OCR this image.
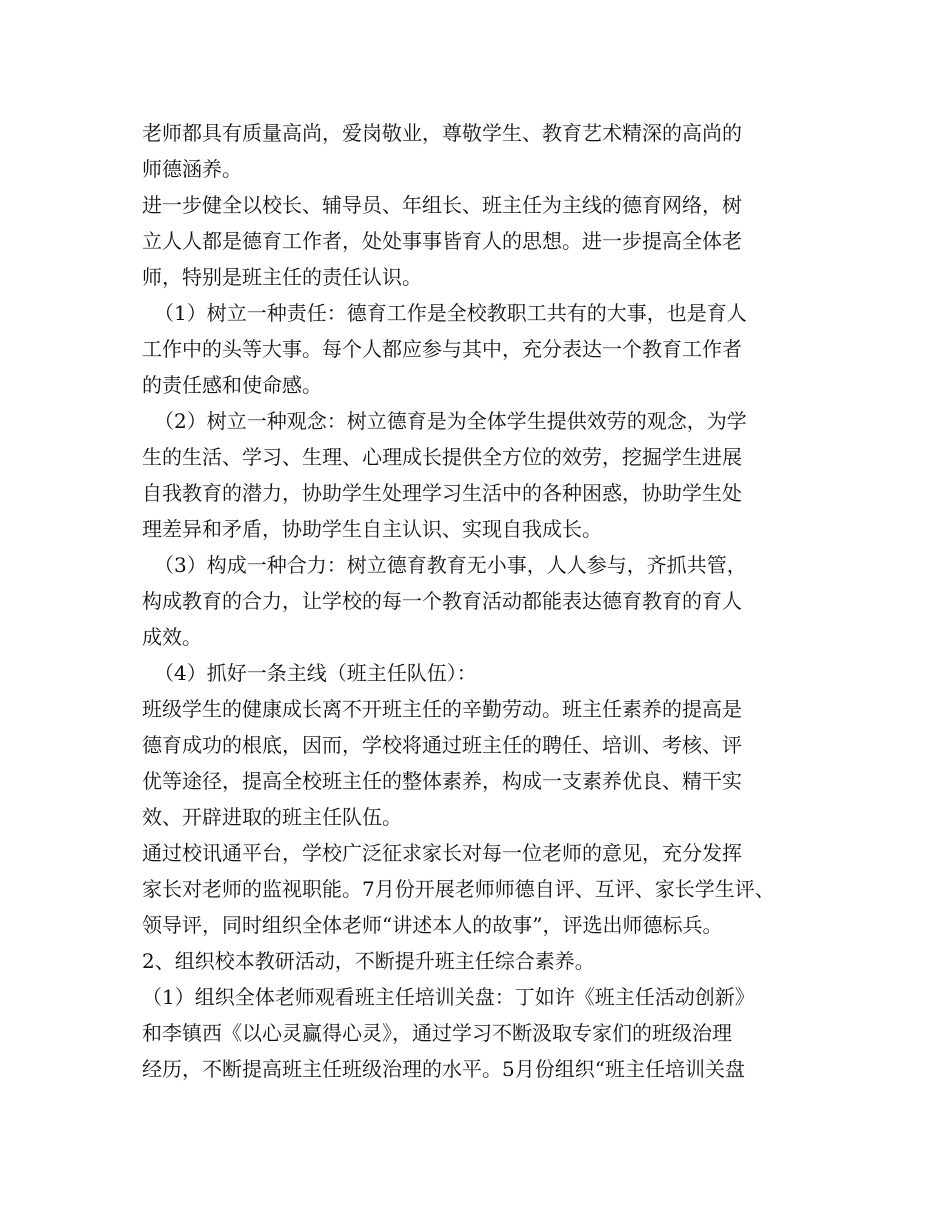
老师都具有质量高尚，爱岗敬业，尊敬学生、教育艺术精深的高尚的
师德涵养。
进一步健全以校长、辅导员、年组长、班主任为主线的德育网络，树
立人人都是德育工作者，处处事事皆育人的思想。进一步提高全体老
师，特别是班主任的责任认识。
（1）树立一种责任：德育工作是全校教职工共有的大事，也是育人
工作中的头等大事。每个人都应参与其中，充分表达一个教育工作者
的责任感和使命感。
（2）树立一种观念：树立德育是为全体学生提供效劳的观念，为学
生的生活、学习、生理、心理成长提供全方位的效劳，挖掘学生进展
自我教育的潜力，协助学生处理学习生活中的各种困惑，协助学生处
理差异和矛盾，协助学生自主认识、实现自我成长。
（3）构成一种合力：树立德育教育无小事，人人参与，齐抓共管，
构成教育的合力，让学校的每一个教育活动都能表达德育教育的育人
成效。
（4）抓好一条主线（班主任队伍）：
班级学生的健康成长离不开班主任的辛勤劳动。班主任素养的提高是
德育成功的根底，因而，学校将通过班主任的聘任、培训、考核、评
优等途径，提高全校班主任的整体素养，构成一支素养优良、精干实
效、开辟进取的班主任队伍。
通过校讯通平台，学校广泛征求家长对每一位老师的意见，充分发挥
家长对老师的监视职能。7月份开展老师师德自评、互评、家长学生评、
领导评，同时组织全体老师“讲述本人的故事”，评选出师德标兵。
2、组织校本教研活动，不断提升班主任综合素养。
（1）组织全体老师观看班主任培训关盘：丁如许《班主任活动创新》
和李镇西《以心灵赢得心灵》，通过学习不断汲取专家们的班级治理
经历，不断提高班主任班级治理的水平。5月份组织“班主任培训关盘
